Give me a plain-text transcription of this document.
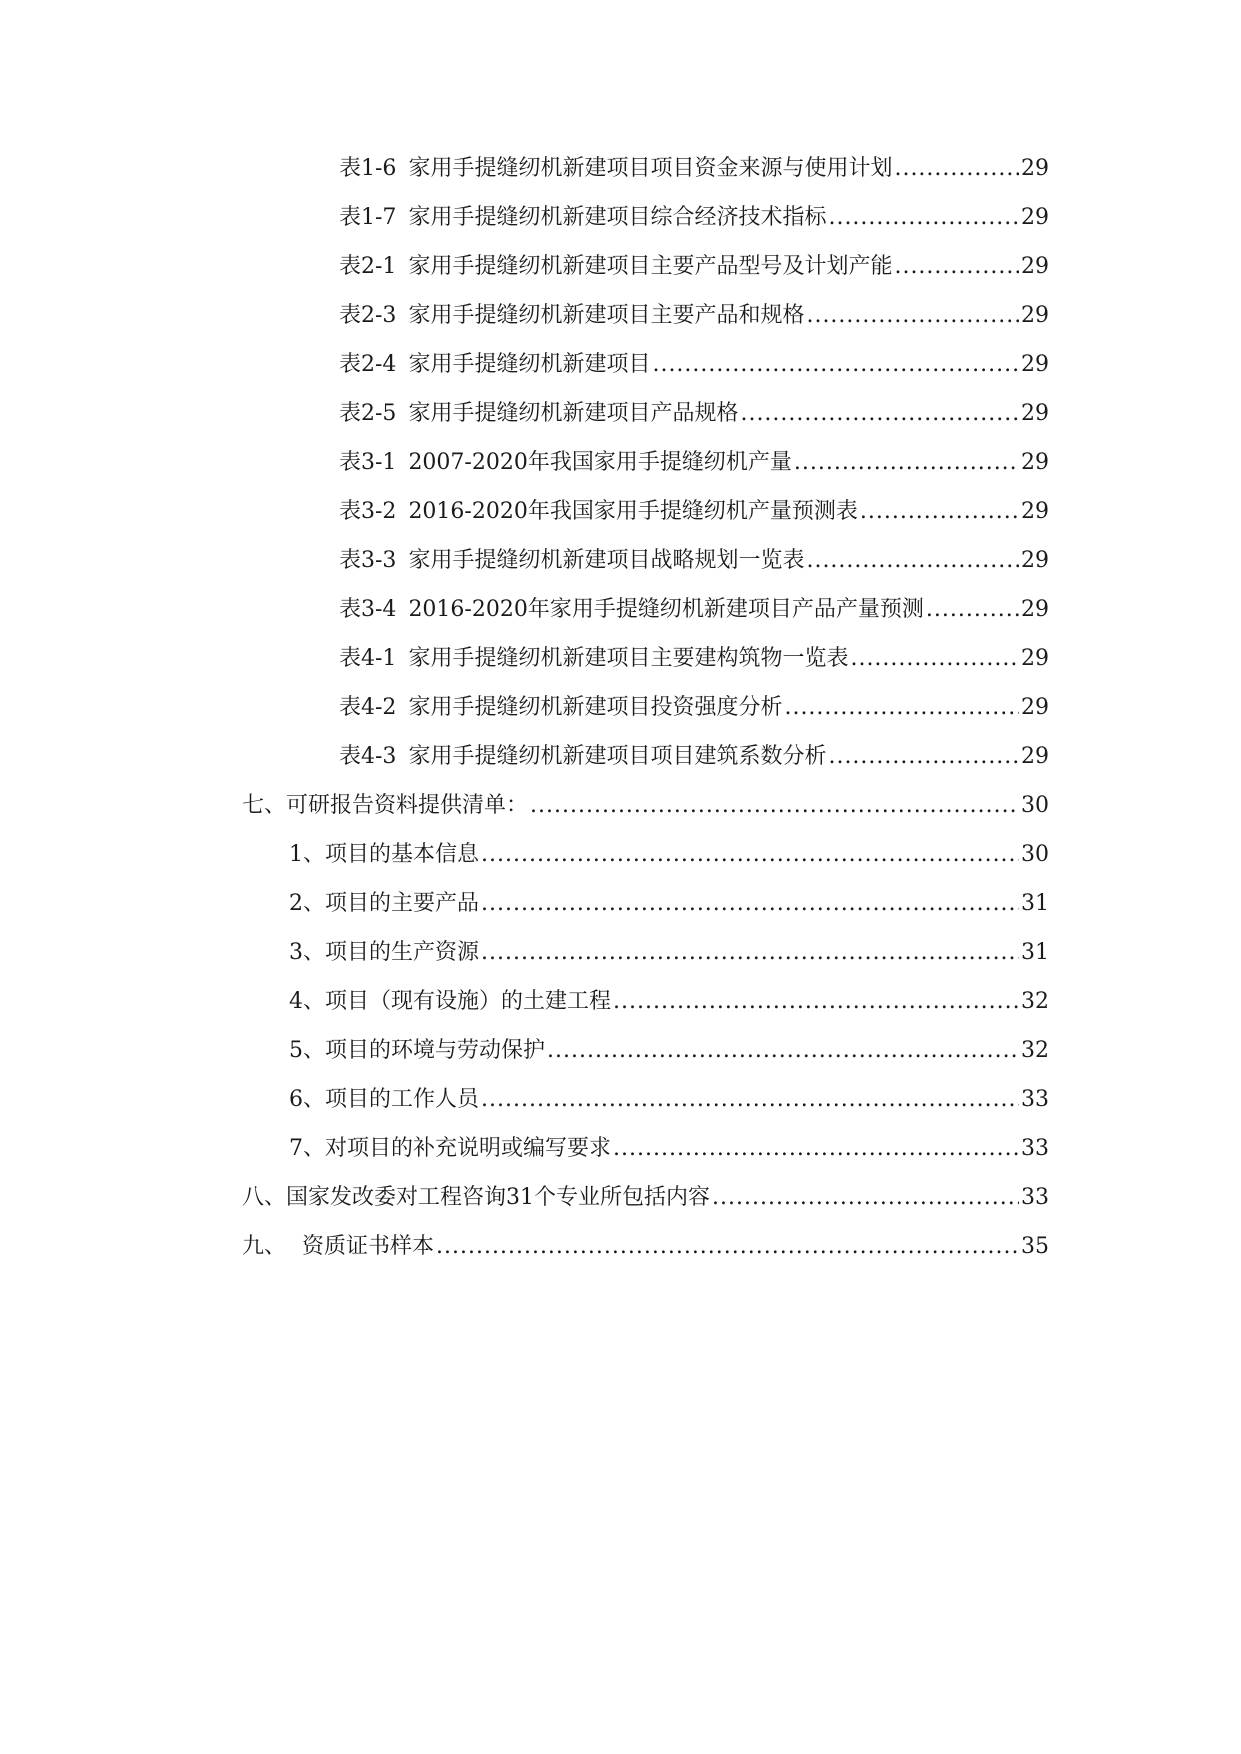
表1-6 家用手提缝纫机新建项目项目资金来源与使用计划 .....	29
表1-7 家用手提缝纫机新建项目综合经济技术指标 .....	29
表2-1 家用手提缝纫机新建项目主要产品型号及计划产能 .....	29
表2-3 家用手提缝纫机新建项目主要产品和规格 .....	29
表2-4 家用手提缝纫机新建项目 .....	29
表2-5 家用手提缝纫机新建项目产品规格 .....	29
表3-1 2007-2020年我国家用手提缝纫机产量 .....	29
表3-2 2016-2020年我国家用手提缝纫机产量预测表 .....	29
表3-3 家用手提缝纫机新建项目战略规划一览表 .....	29
表3-4 2016-2020年家用手提缝纫机新建项目产品产量预测 .....	29
表4-1 家用手提缝纫机新建项目主要建构筑物一览表 .....	29
表4-2 家用手提缝纫机新建项目投资强度分析 .....	29
表4-3 家用手提缝纫机新建项目项目建筑系数分析 .....	29
七、可研报告资料提供清单： .....	30
1、项目的基本信息 .....	30
2、项目的主要产品 .....	31
3、项目的生产资源 .....	31
4、项目（现有设施）的土建工程 .....	32
5、项目的环境与劳动保护 .....	32
6、项目的工作人员 .....	33
7、对项目的补充说明或编写要求 .....	33
八、国家发改委对工程咨询31个专业所包括内容 .....	33
九、 资质证书样本 .....	35
